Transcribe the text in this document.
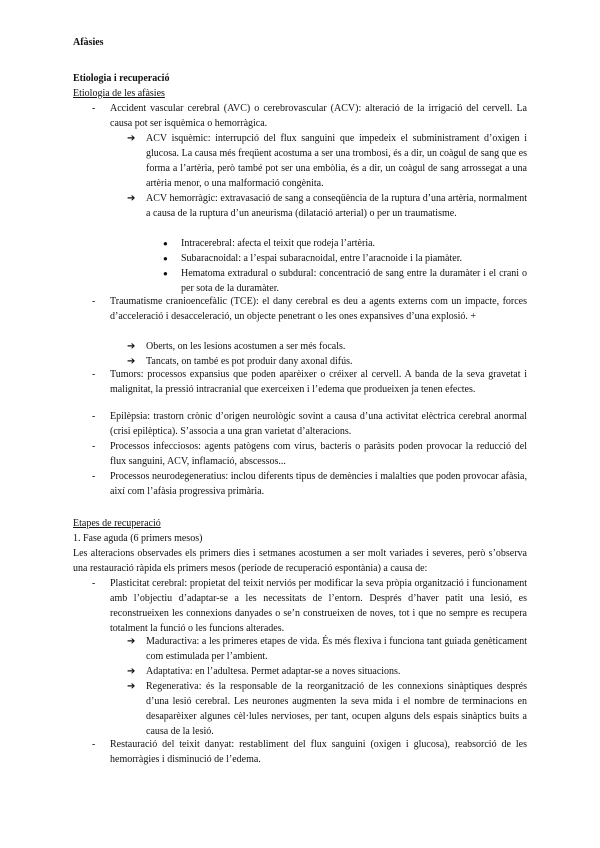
Afàsies
Etiologia i recuperació
Etiologia de les afàsies
- Accident vascular cerebral (AVC) o cerebrovascular (ACV): alteració de la irrigació del cervell. La causa pot ser isquèmica o hemorràgica.
➔ ACV isquèmic: interrupció del flux sanguini que impedeix el subministrament d’oxigen i glucosa. La causa més freqüent acostuma a ser una trombosi, és a dir, un coàgul de sang que es forma a l’artèria, però també pot ser una embòlia, és a dir, un coàgul de sang arrossegat a una artèria menor, o una malformació congènita.
➔ ACV hemorràgic: extravasació de sang a conseqüència de la ruptura d’una artèria, normalment a causa de la ruptura d’un aneurisma (dilatació arterial) o per un traumatisme.
● Intracerebral: afecta el teixit que rodeja l’artèria.
● Subaracnoidal: a l’espai subaracnoidal, entre l’aracnoide i la piamàter.
● Hematoma extradural o subdural: concentració de sang entre la duramàter i el crani o per sota de la duramàter.
- Traumatisme cranioencefàlic (TCE): el dany cerebral es deu a agents externs com un impacte, forces d’acceleració i desacceleració, un objecte penetrant o les ones expansives d’una explosió. +
➔ Oberts, on les lesions acostumen a ser més focals.
➔ Tancats, on també es pot produir dany axonal difús.
- Tumors: processos expansius que poden aparèixer o créixer al cervell. A banda de la seva gravetat i malignitat, la pressió intracranial que exerceixen i l’edema que produeixen ja tenen efectes.
- Epilèpsia: trastorn crònic d’origen neurològic sovint a causa d’una activitat elèctrica cerebral anormal (crisi epilèptica). S’associa a una gran varietat d’alteracions.
- Processos infecciosos: agents patògens com virus, bacteris o paràsits poden provocar la reducció del flux sanguini, ACV, inflamació, abscessos...
- Processos neurodegeneratius: inclou diferents tipus de demències i malalties que poden provocar afàsia, així com l’afàsia progressiva primària.
Etapes de recuperació
1. Fase aguda (6 primers mesos)
Les alteracions observades els primers dies i setmanes acostumen a ser molt variades i severes, però s’observa una restauració ràpida els primers mesos (període de recuperació espontània) a causa de:
- Plasticitat cerebral: propietat del teixit nerviós per modificar la seva pròpia organització i funcionament amb l’objectiu d’adaptar-se a les necessitats de l’entorn. Després d’haver patit una lesió, es reconstrueixen les connexions danyades o se’n construeixen de noves, tot i que no sempre es recupera totalment la funció o les funcions alterades.
➔ Maduractiva: a les primeres etapes de vida. És més flexiva i funciona tant guiada genèticament com estimulada per l’ambient.
➔ Adaptativa: en l’adultesa. Permet adaptar-se a noves situacions.
➔ Regenerativa: és la responsable de la reorganització de les connexions sinàptiques després d’una lesió cerebral. Les neurones augmenten la seva mida i el nombre de terminacions en desaparèixer algunes cèl·lules nervioses, per tant, ocupen alguns dels espais sinàptics buits a causa de la lesió.
- Restauració del teixit danyat: restabliment del flux sanguini (oxigen i glucosa), reabsorció de les hemorràgies i disminució de l’edema.
